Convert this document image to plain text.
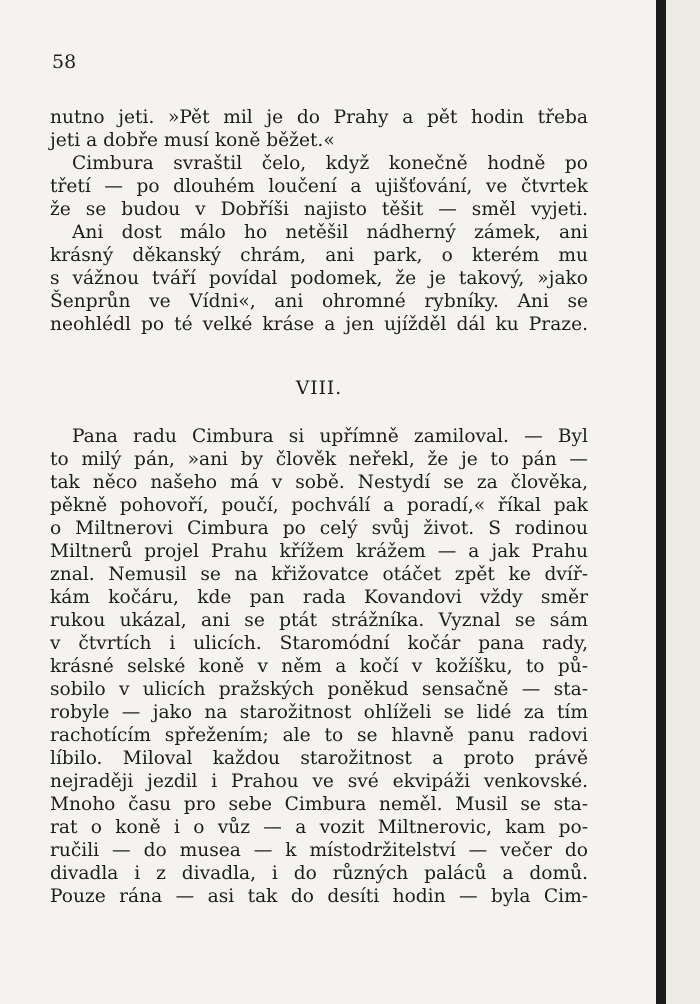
58

nutno jeti. »Pět mil je do Prahy a pět hodin třeba
jeti a dobře musí koně běžet.«
Cimbura svraštil čelo, když konečně hodně po
třetí — po dlouhém loučení a ujišťování, ve čtvrtek
že se budou v Dobříši najisto těšit — směl vyjeti.
Ani dost málo ho netěšil nádherný zámek, ani
krásný děkanský chrám, ani park, o kterém mu
s vážnou tváří povídal podomek, že je takový, »jako
Šenprůn ve Vídni«, ani ohromné rybníky. Ani se
neohlédl po té velké kráse a jen ujížděl dál ku Praze.

VIII.

Pana radu Cimbura si upřímně zamiloval. — Byl
to milý pán, »ani by člověk neřekl, že je to pán —
tak něco našeho má v sobě. Nestydí se za člověka,
pěkně pohovoří, poučí, pochválí a poradí,« říkal pak
o Miltnerovi Cimbura po celý svůj život. S rodinou
Miltnerů projel Prahu křížem krážem — a jak Prahu
znal. Nemusil se na křižovatce otáčet zpět ke dvíř-
kám kočáru, kde pan rada Kovandovi vždy směr
rukou ukázal, ani se ptát strážníka. Vyznal se sám
v čtvrtích i ulicích. Staromódní kočár pana rady,
krásné selské koně v něm a kočí v kožíšku, to pů-
sobilo v ulicích pražských poněkud sensačně — sta-
robyle — jako na starožitnost ohlíželi se lidé za tím
rachotícím spřežením; ale to se hlavně panu radovi
líbilo. Miloval každou starožitnost a proto právě
nejraději jezdil i Prahou ve své ekvipáži venkovské.
Mnoho času pro sebe Cimbura neměl. Musil se sta-
rat o koně i o vůz — a vozit Miltnerovic, kam po-
ručili — do musea — k místodržitelství — večer do
divadla i z divadla, i do různých paláců a domů.
Pouze rána — asi tak do desíti hodin — byla Cim-
